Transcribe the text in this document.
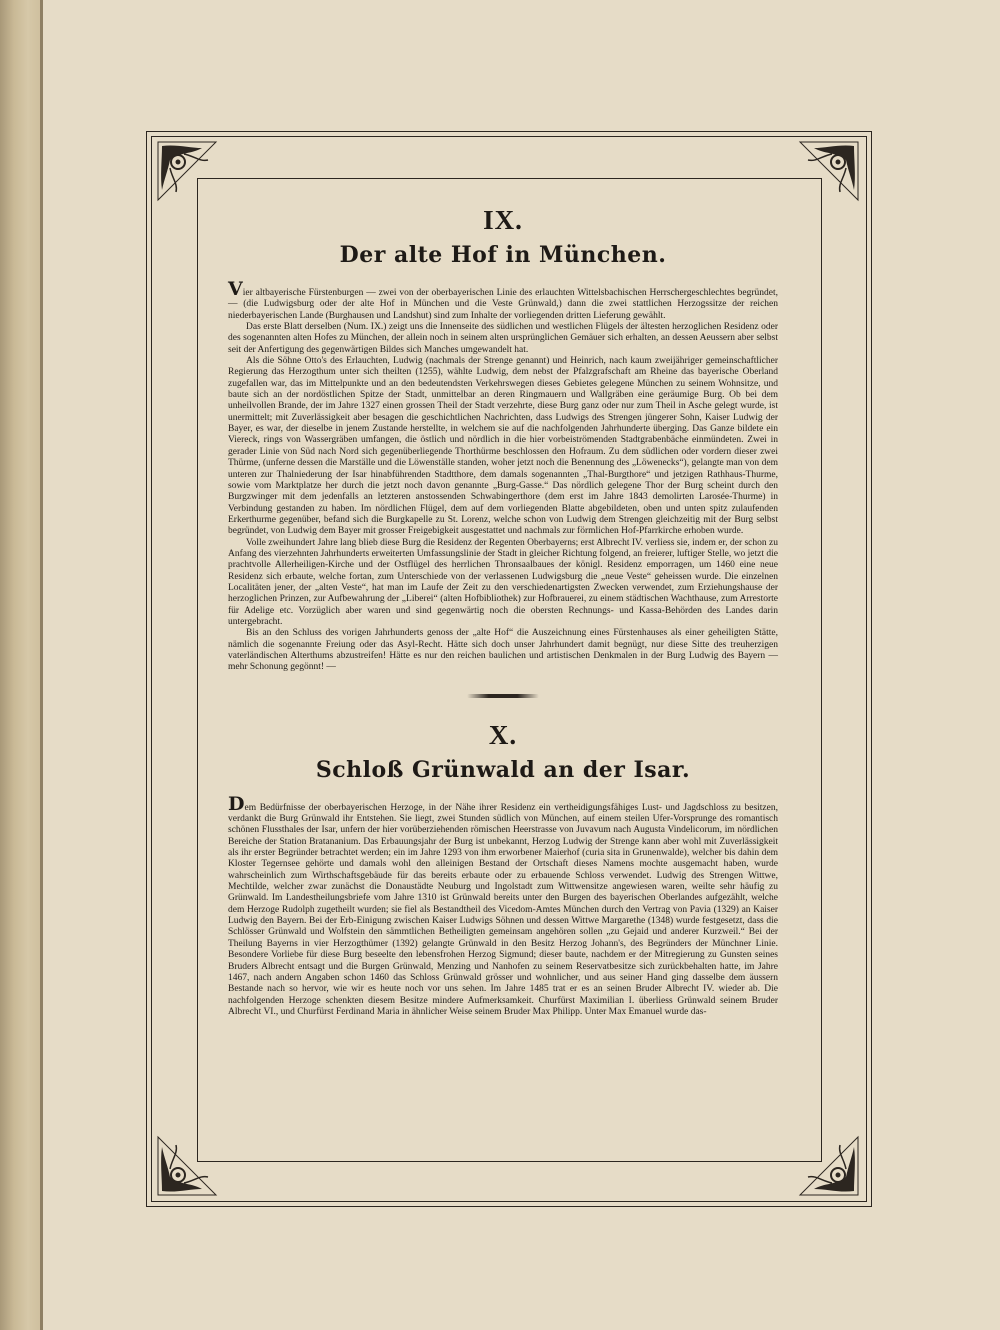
IX.
Der alte Hof in München.

Vier altbayerische Fürstenburgen — zwei von der oberbayerischen Linie des erlauchten Wittelsbachischen Herrschergeschlechtes begründet, — (die Ludwigsburg oder der alte Hof in München und die Veste Grünwald,) dann die zwei stattlichen Herzogssitze der reichen niederbayerischen Lande (Burghausen und Landshut) sind zum Inhalte der vorliegenden dritten Lieferung gewählt.

Das erste Blatt derselben (Num. IX.) zeigt uns die Innenseite des südlichen und westlichen Flügels der ältesten herzoglichen Residenz oder des sogenannten alten Hofes zu München, der allein noch in seinem alten ursprünglichen Gemäuer sich erhalten, an dessen Aeussern aber selbst seit der Anfertigung des gegenwärtigen Bildes sich Manches umgewandelt hat.

Als die Söhne Otto's des Erlauchten, Ludwig (nachmals der Strenge genannt) und Heinrich, nach kaum zweijähriger gemeinschaftlicher Regierung das Herzogthum unter sich theilten (1255), wählte Ludwig, dem nebst der Pfalzgrafschaft am Rheine das bayerische Oberland zugefallen war, das im Mittelpunkte und an den bedeutendsten Verkehrswegen dieses Gebietes gelegene München zu seinem Wohnsitze, und baute sich an der nordöstlichen Spitze der Stadt, unmittelbar an deren Ringmauern und Wallgräben eine geräumige Burg. Ob bei dem unheilvollen Brande, der im Jahre 1327 einen grossen Theil der Stadt verzehrte, diese Burg ganz oder nur zum Theil in Asche gelegt wurde, ist unermittelt; mit Zuverlässigkeit aber besagen die geschichtlichen Nachrichten, dass Ludwigs des Strengen jüngerer Sohn, Kaiser Ludwig der Bayer, es war, der dieselbe in jenem Zustande herstellte, in welchem sie auf die nachfolgenden Jahrhunderte überging. Das Ganze bildete ein Viereck, rings von Wassergräben umfangen, die östlich und nördlich in die hier vorbeiströmenden Stadtgrabenbäche einmündeten. Zwei in gerader Linie von Süd nach Nord sich gegenüberliegende Thorthürme beschlossen den Hofraum. Zu dem südlichen oder vordern dieser zwei Thürme, (unferne dessen die Marställe und die Löwenställe standen, woher jetzt noch die Benennung des „Löwenecks“), gelangte man von dem unteren zur Thalniederung der Isar hinabführenden Stadtthore, dem damals sogenannten „Thal-Burgthore“ und jetzigen Rathhaus-Thurme, sowie vom Marktplatze her durch die jetzt noch davon genannte „Burg-Gasse.“ Das nördlich gelegene Thor der Burg scheint durch den Burgzwinger mit dem jedenfalls an letzteren anstossenden Schwabingerthore (dem erst im Jahre 1843 demolirten Larosée-Thurme) in Verbindung gestanden zu haben. Im nördlichen Flügel, dem auf dem vorliegenden Blatte abgebildeten, oben und unten spitz zulaufenden Erkerthurme gegenüber, befand sich die Burgkapelle zu St. Lorenz, welche schon von Ludwig dem Strengen gleichzeitig mit der Burg selbst begründet, von Ludwig dem Bayer mit grosser Freigebigkeit ausgestattet und nachmals zur förmlichen Hof-Pfarrkirche erhoben wurde.

Volle zweihundert Jahre lang blieb diese Burg die Residenz der Regenten Oberbayerns; erst Albrecht IV. verliess sie, indem er, der schon zu Anfang des vierzehnten Jahrhunderts erweiterten Umfassungslinie der Stadt in gleicher Richtung folgend, an freierer, luftiger Stelle, wo jetzt die prachtvolle Allerheiligen-Kirche und der Ostflügel des herrlichen Thronsaalbaues der königl. Residenz emporragen, um 1460 eine neue Residenz sich erbaute, welche fortan, zum Unterschiede von der verlassenen Ludwigsburg die „neue Veste“ geheissen wurde. Die einzelnen Localitäten jener, der „alten Veste“, hat man im Laufe der Zeit zu den verschiedenartigsten Zwecken verwendet, zum Erziehungshause der herzoglichen Prinzen, zur Aufbewahrung der „Liberei“ (alten Hofbibliothek) zur Hofbrauerei, zu einem städtischen Wachthause, zum Arrestorte für Adelige etc. Vorzüglich aber waren und sind gegenwärtig noch die obersten Rechnungs- und Kassa-Behörden des Landes darin untergebracht.

Bis an den Schluss des vorigen Jahrhunderts genoss der „alte Hof“ die Auszeichnung eines Fürstenhauses als einer geheiligten Stätte, nämlich die sogenannte Freiung oder das Asyl-Recht. Hätte sich doch unser Jahrhundert damit begnügt, nur diese Sitte des treuherzigen vaterländischen Alterthums abzustreifen! Hätte es nur den reichen baulichen und artistischen Denkmalen in der Burg Ludwig des Bayern — mehr Schonung gegönnt! —

X.
Schloß Grünwald an der Isar.

Dem Bedürfnisse der oberbayerischen Herzoge, in der Nähe ihrer Residenz ein vertheidigungsfähiges Lust- und Jagdschloss zu besitzen, verdankt die Burg Grünwald ihr Entstehen. Sie liegt, zwei Stunden südlich von München, auf einem steilen Ufer-Vorsprunge des romantisch schönen Flussthales der Isar, unfern der hier vorüberziehenden römischen Heerstrasse von Juvavum nach Augusta Vindelicorum, im nördlichen Bereiche der Station Bratananium. Das Erbauungsjahr der Burg ist unbekannt, Herzog Ludwig der Strenge kann aber wohl mit Zuverlässigkeit als ihr erster Begründer betrachtet werden; ein im Jahre 1293 von ihm erworbener Maierhof (curia sita in Grunenwalde), welcher bis dahin dem Kloster Tegernsee gehörte und damals wohl den alleinigen Bestand der Ortschaft dieses Namens mochte ausgemacht haben, wurde wahrscheinlich zum Wirthschaftsgebäude für das bereits erbaute oder zu erbauende Schloss verwendet. Ludwig des Strengen Wittwe, Mechtilde, welcher zwar zunächst die Donaustädte Neuburg und Ingolstadt zum Wittwensitze angewiesen waren, weilte sehr häufig zu Grünwald. Im Landestheilungsbriefe vom Jahre 1310 ist Grünwald bereits unter den Burgen des bayerischen Oberlandes aufgezählt, welche dem Herzoge Rudolph zugetheilt wurden; sie fiel als Bestandtheil des Vicedom-Amtes München durch den Vertrag von Pavia (1329) an Kaiser Ludwig den Bayern. Bei der Erb-Einigung zwischen Kaiser Ludwigs Söhnen und dessen Wittwe Margarethe (1348) wurde festgesetzt, dass die Schlösser Grünwald und Wolfstein den sämmtlichen Betheiligten gemeinsam angehören sollen „zu Gejaid und anderer Kurzweil.“ Bei der Theilung Bayerns in vier Herzogthümer (1392) gelangte Grünwald in den Besitz Herzog Johann's, des Begründers der Münchner Linie. Besondere Vorliebe für diese Burg beseelte den lebensfrohen Herzog Sigmund; dieser baute, nachdem er der Mitregierung zu Gunsten seines Bruders Albrecht entsagt und die Burgen Grünwald, Menzing und Nanhofen zu seinem Reservatbesitze sich zurückbehalten hatte, im Jahre 1467, nach andern Angaben schon 1460 das Schloss Grünwald grösser und wohnlicher, und aus seiner Hand ging dasselbe dem äussern Bestande nach so hervor, wie wir es heute noch vor uns sehen. Im Jahre 1485 trat er es an seinen Bruder Albrecht IV. wieder ab. Die nachfolgenden Herzoge schenkten diesem Besitze mindere Aufmerksamkeit. Churfürst Maximilian I. überliess Grünwald seinem Bruder Albrecht VI., und Churfürst Ferdinand Maria in ähnlicher Weise seinem Bruder Max Philipp. Unter Max Emanuel wurde das-
